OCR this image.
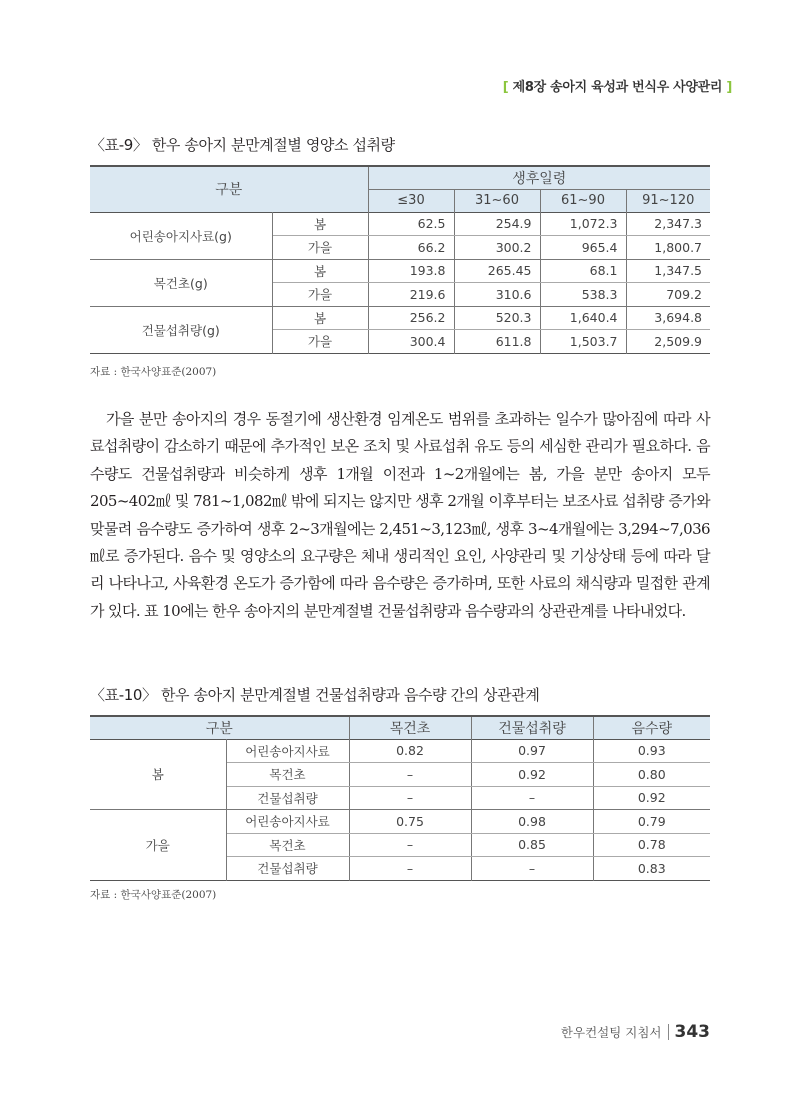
[ 제8장 송아지 육성과 번식우 사양관리 ]
〈표-9〉 한우 송아지 분만계절별 영양소 섭취량
구분		생후일령			
		≤30	31~60	61~90	91~120
어린송아지사료(g)	봄	62.5	254.9	1,072.3	2,347.3
	가을	66.2	300.2	965.4	1,800.7
목건초(g)	봄	193.8	265.45	68.1	1,347.5
	가을	219.6	310.6	538.3	709.2
건물섭취량(g)	봄	256.2	520.3	1,640.4	3,694.8
	가을	300.4	611.8	1,503.7	2,509.9
자료 : 한국사양표준(2007)

가을 분만 송아지의 경우 동절기에 생산환경 임계온도 범위를 초과하는 일수가 많아짐에 따라 사료섭취량이 감소하기 때문에 추가적인 보온 조치 및 사료섭취 유도 등의 세심한 관리가 필요하다. 음수량도 건물섭취량과 비슷하게 생후 1개월 이전과 1~2개월에는 봄, 가을 분만 송아지 모두 205~402㎖ 및 781~1,082㎖ 밖에 되지는 않지만 생후 2개월 이후부터는 보조사료 섭취량 증가와 맞물려 음수량도 증가하여 생후 2~3개월에는 2,451~3,123㎖, 생후 3~4개월에는 3,294~7,036㎖로 증가된다. 음수 및 영양소의 요구량은 체내 생리적인 요인, 사양관리 및 기상상태 등에 따라 달리 나타나고, 사육환경 온도가 증가함에 따라 음수량은 증가하며, 또한 사료의 채식량과 밀접한 관계가 있다. 표 10에는 한우 송아지의 분만계절별 건물섭취량과 음수량과의 상관관계를 나타내었다.

〈표-10〉 한우 송아지 분만계절별 건물섭취량과 음수량 간의 상관관계
구분		목건초	건물섭취량	음수량
봄	어린송아지사료	0.82	0.97	0.93
	목건초	–	0.92	0.80
	건물섭취량	–	–	0.92
가을	어린송아지사료	0.75	0.98	0.79
	목건초	–	0.85	0.78
	건물섭취량	–	–	0.83
자료 : 한국사양표준(2007)
한우컨설팅 지침서 343
